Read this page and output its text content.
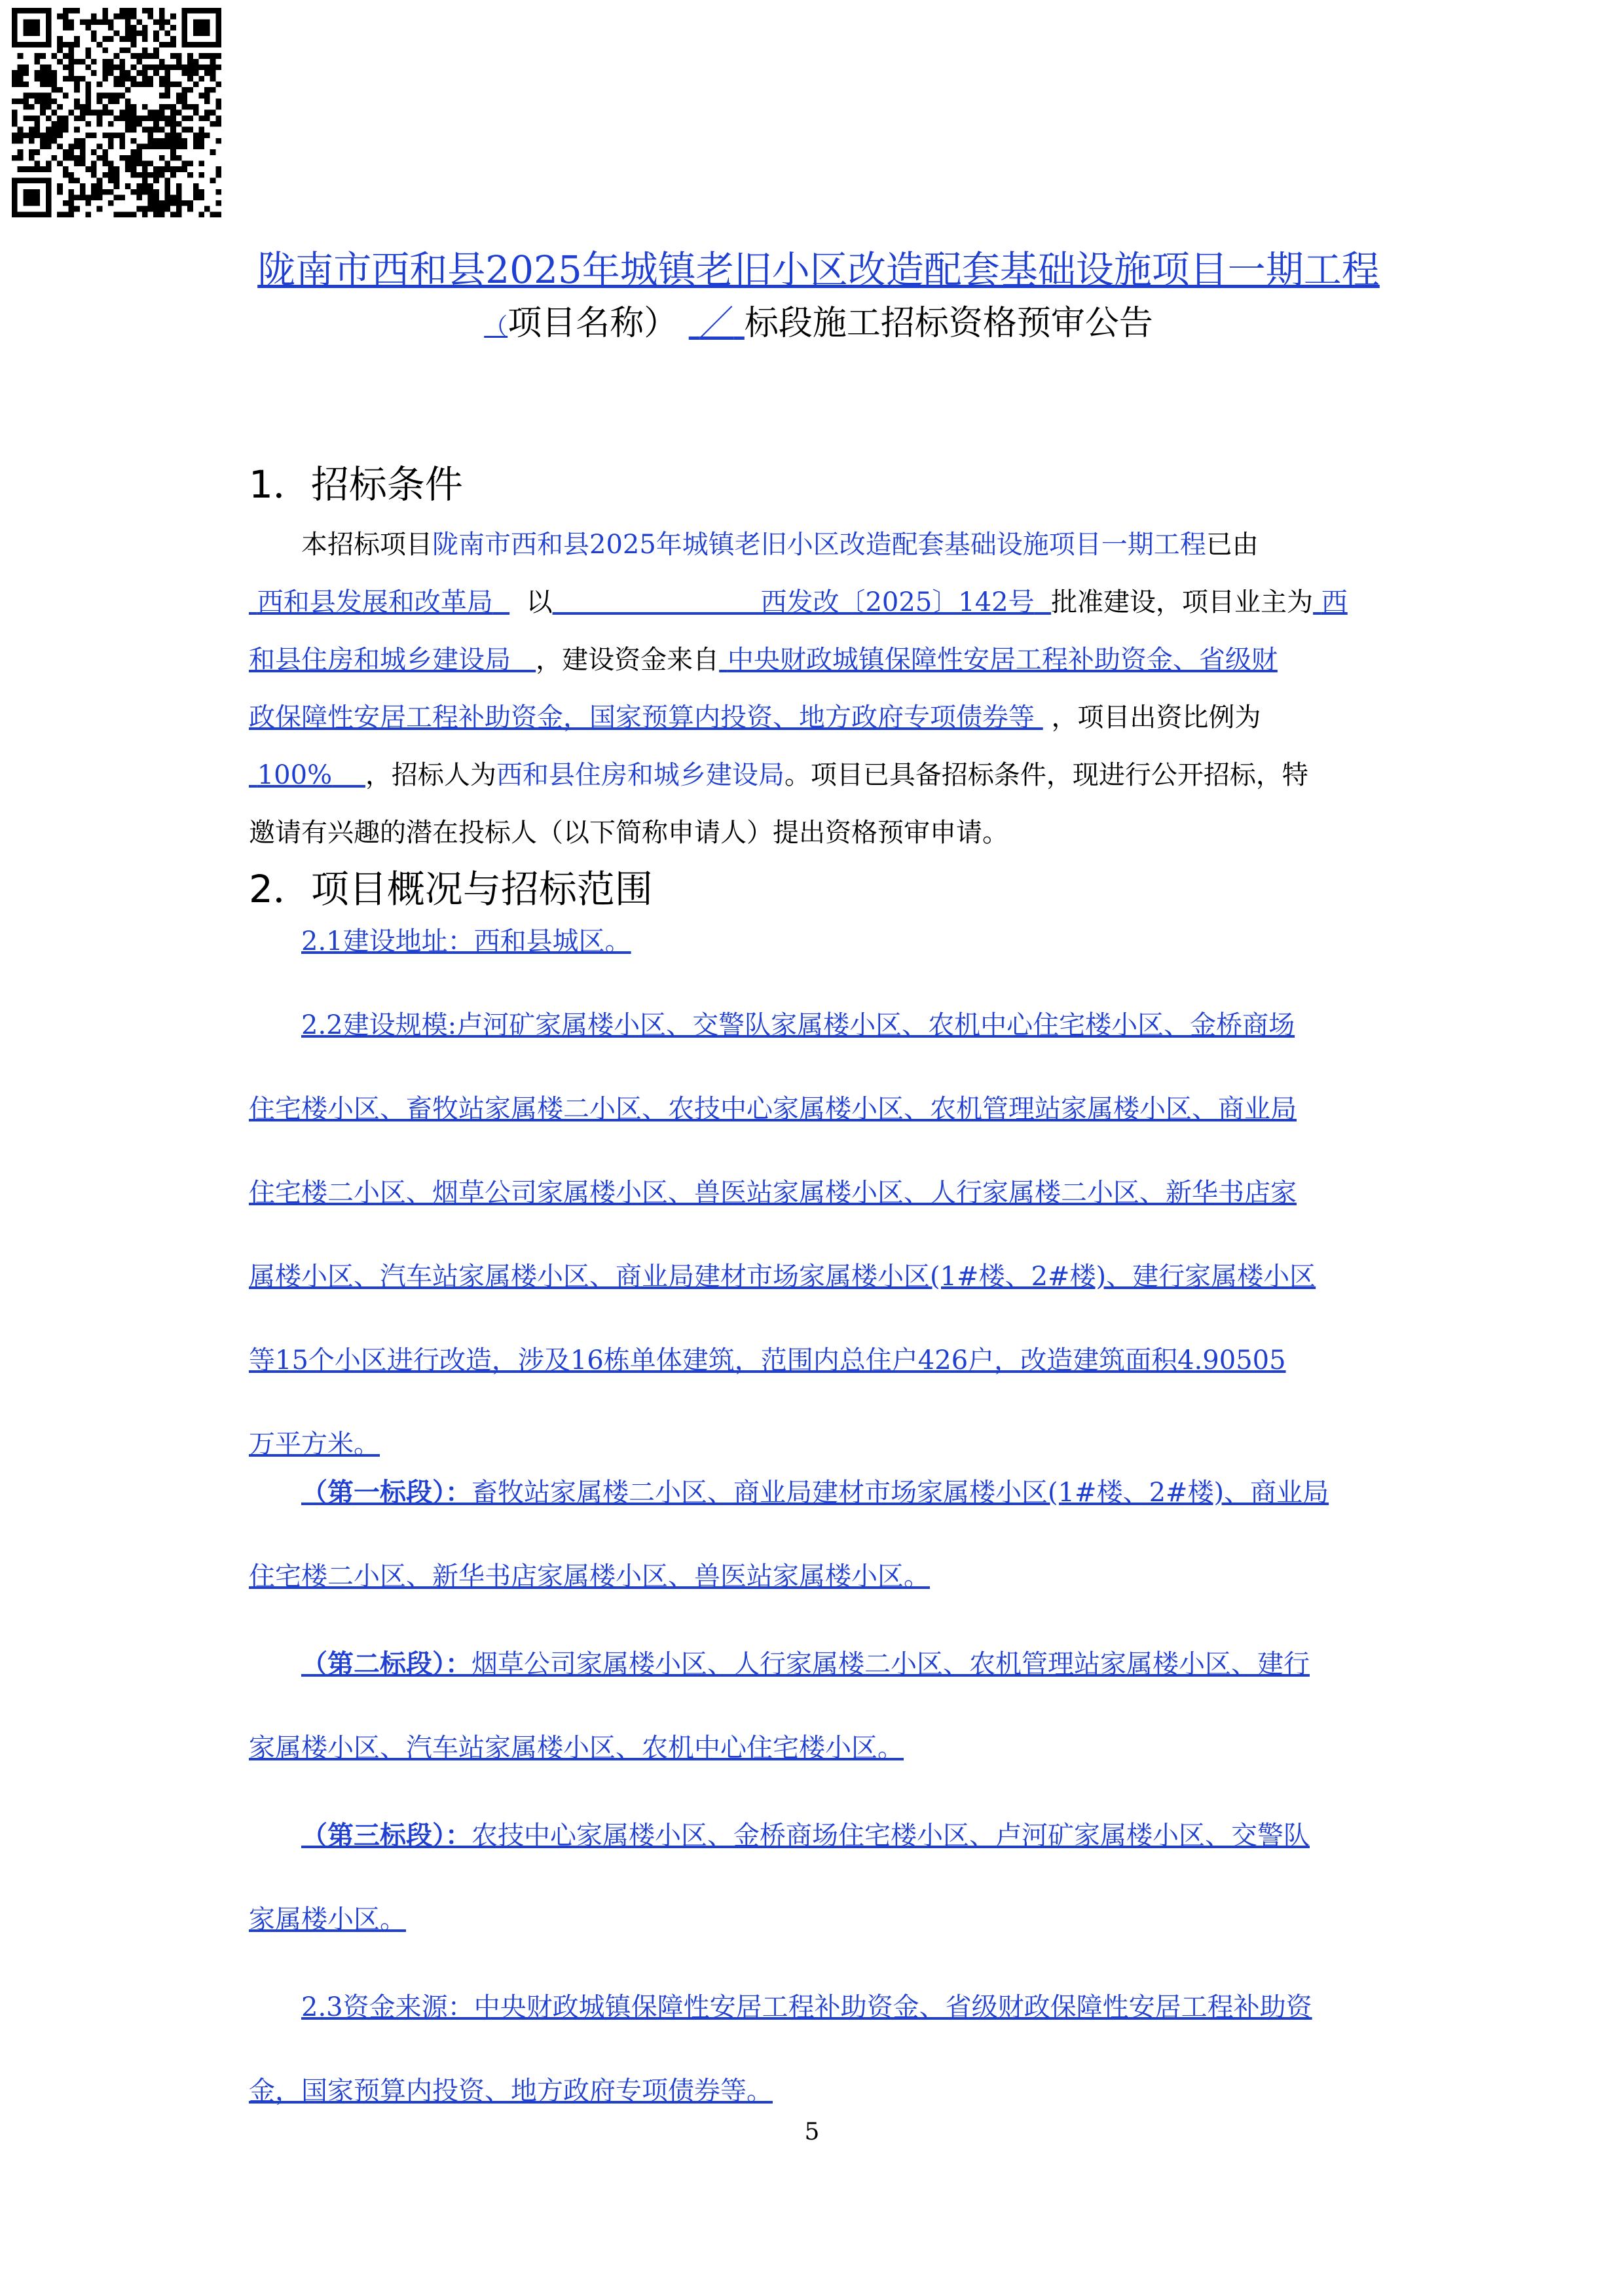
陇南市西和县2025年城镇老旧小区改造配套基础设施项目一期工程
（项目名称） ／ 标段施工招标资格预审公告
1．招标条件
本招标项目陇南市西和县2025年城镇老旧小区改造配套基础设施项目一期工程已由
西和县发展和改革局 以	西发改〔2025〕142号 批准建设，项目业主为 西
和县住房和城乡建设局 ，建设资金来自 中央财政城镇保障性安居工程补助资金、省级财
政保障性安居工程补助资金，国家预算内投资、地方政府专项债券等 ，项目出资比例为
100% ，招标人为西和县住房和城乡建设局。项目已具备招标条件，现进行公开招标，特
邀请有兴趣的潜在投标人（以下简称申请人）提出资格预审申请。
2．项目概况与招标范围
2.1建设地址：西和县城区。
2.2建设规模:卢河矿家属楼小区、交警队家属楼小区、农机中心住宅楼小区、金桥商场
住宅楼小区、畜牧站家属楼二小区、农技中心家属楼小区、农机管理站家属楼小区、商业局
住宅楼二小区、烟草公司家属楼小区、兽医站家属楼小区、人行家属楼二小区、新华书店家
属楼小区、汽车站家属楼小区、商业局建材市场家属楼小区(1#楼、2#楼)、建行家属楼小区
等15个小区进行改造，涉及16栋单体建筑，范围内总住户426户，改造建筑面积4.90505
万平方米。
（第一标段）：畜牧站家属楼二小区、商业局建材市场家属楼小区(1#楼、2#楼)、商业局
住宅楼二小区、新华书店家属楼小区、兽医站家属楼小区。
（第二标段）：烟草公司家属楼小区、人行家属楼二小区、农机管理站家属楼小区、建行
家属楼小区、汽车站家属楼小区、农机中心住宅楼小区。
（第三标段）：农技中心家属楼小区、金桥商场住宅楼小区、卢河矿家属楼小区、交警队
家属楼小区。
2.3资金来源：中央财政城镇保障性安居工程补助资金、省级财政保障性安居工程补助资
金，国家预算内投资、地方政府专项债券等。
5
